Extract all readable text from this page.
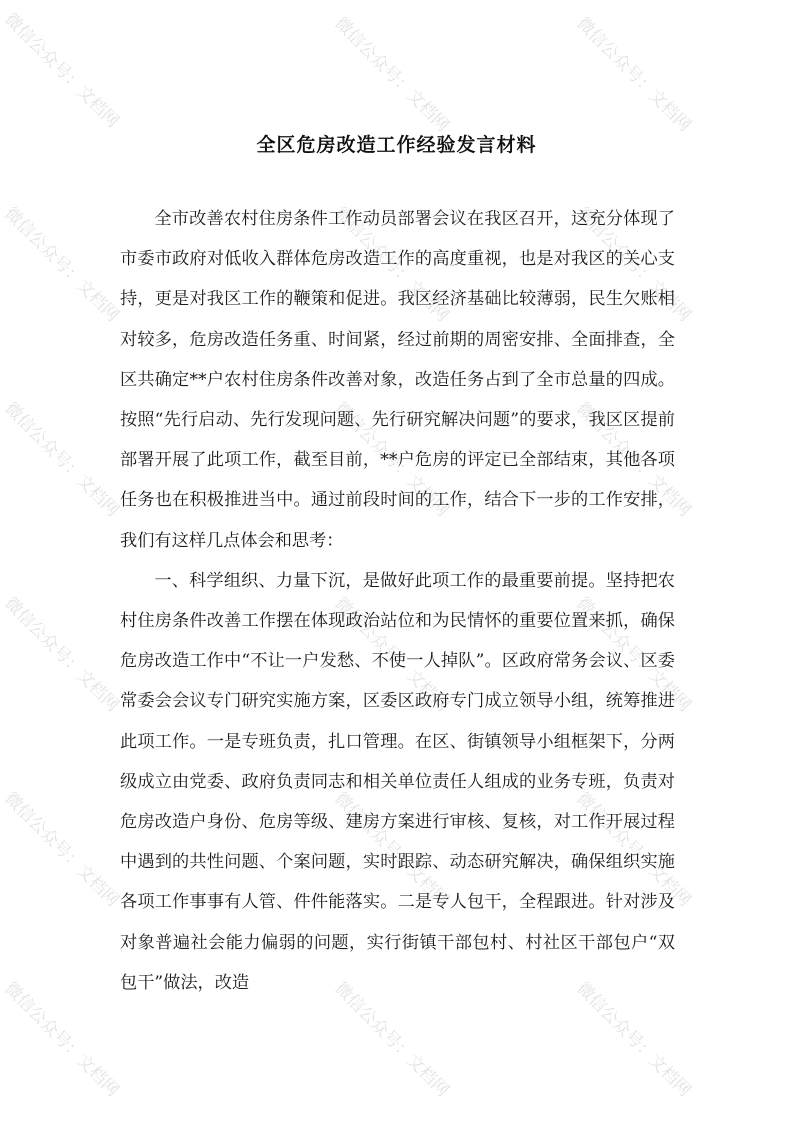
微信公众号：文档网	微信公众号：文档网	微信公众号：文档网
微信公众号：文档网	微信公众号：文档网	微信公众号：文档网
微信公众号：文档网	微信公众号：文档网	微信公众号：文档网
微信公众号：文档网	微信公众号：文档网	微信公众号：文档网
微信公众号：文档网	微信公众号：文档网	微信公众号：文档网
微信公众号：文档网	微信公众号：文档网	微信公众号：文档网
全区危房改造工作经验发言材料

全市改善农村住房条件工作动员部署会议在我区召开，这充分体现了市委市政府对低收入群体危房改造工作的高度重视，也是对我区的关心支持，更是对我区工作的鞭策和促进。我区经济基础比较薄弱，民生欠账相对较多，危房改造任务重、时间紧，经过前期的周密安排、全面排查，全区共确定**户农村住房条件改善对象，改造任务占到了全市总量的四成。按照“先行启动、先行发现问题、先行研究解决问题”的要求，我区区提前部署开展了此项工作，截至目前，**户危房的评定已全部结束，其他各项任务也在积极推进当中。通过前段时间的工作，结合下一步的工作安排，我们有这样几点体会和思考：

一、科学组织、力量下沉，是做好此项工作的最重要前提。坚持把农村住房条件改善工作摆在体现政治站位和为民情怀的重要位置来抓，确保危房改造工作中“不让一户发愁、不使一人掉队”。区政府常务会议、区委常委会会议专门研究实施方案，区委区政府专门成立领导小组，统筹推进此项工作。一是专班负责，扎口管理。在区、街镇领导小组框架下，分两级成立由党委、政府负责同志和相关单位责任人组成的业务专班，负责对危房改造户身份、危房等级、建房方案进行审核、复核，对工作开展过程中遇到的共性问题、个案问题，实时跟踪、动态研究解决，确保组织实施各项工作事事有人管、件件能落实。二是专人包干，全程跟进。针对涉及对象普遍社会能力偏弱的问题，实行街镇干部包村、村社区干部包户“双包干”做法，改造
